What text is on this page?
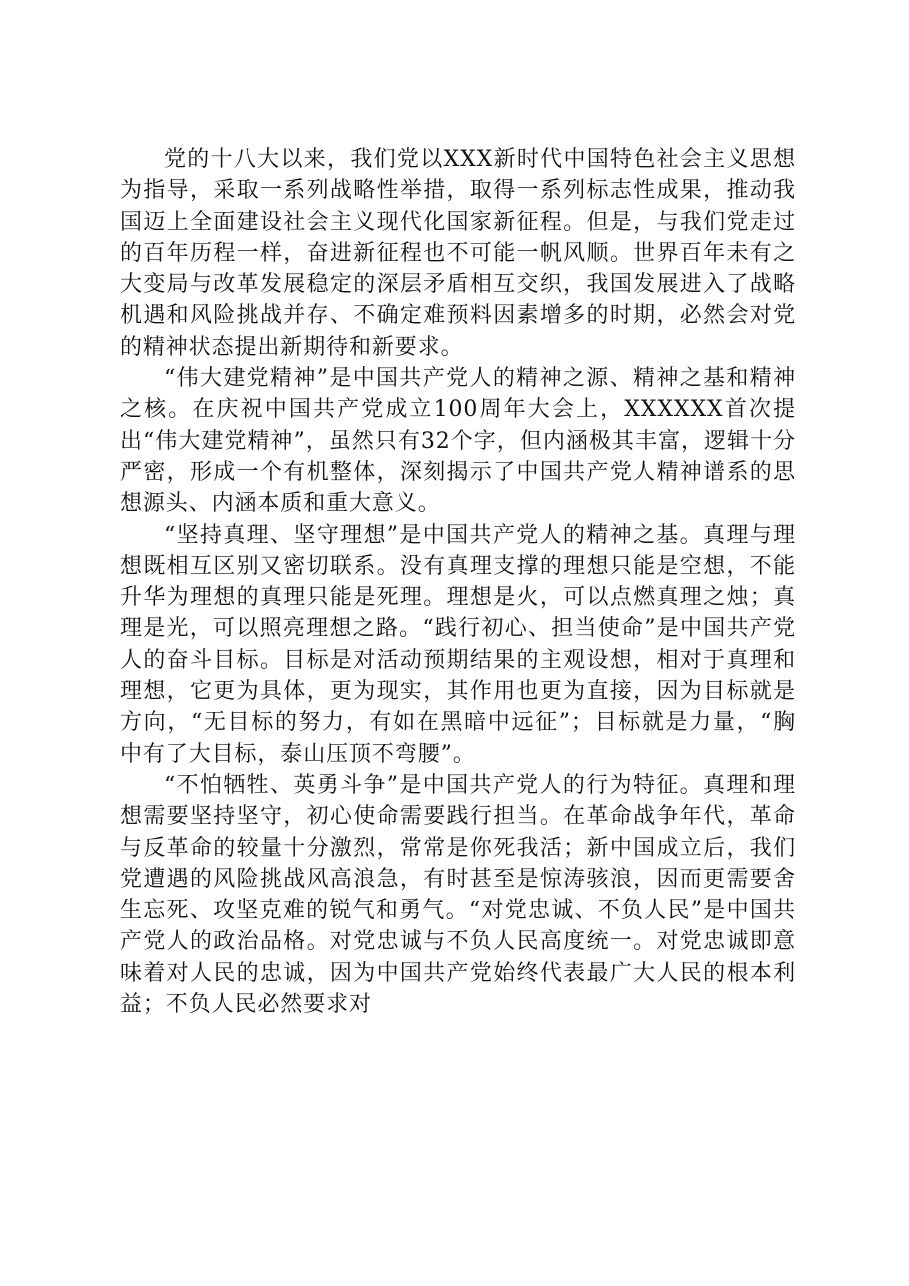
党的十八大以来，我们党以XXX新时代中国特色社会主义思想为指导，采取一系列战略性举措，取得一系列标志性成果，推动我国迈上全面建设社会主义现代化国家新征程。但是，与我们党走过的百年历程一样，奋进新征程也不可能一帆风顺。世界百年未有之大变局与改革发展稳定的深层矛盾相互交织，我国发展进入了战略机遇和风险挑战并存、不确定难预料因素增多的时期，必然会对党的精神状态提出新期待和新要求。

“伟大建党精神”是中国共产党人的精神之源、精神之基和精神之核。在庆祝中国共产党成立100周年大会上，XXXXXX首次提出“伟大建党精神”，虽然只有32个字，但内涵极其丰富，逻辑十分严密，形成一个有机整体，深刻揭示了中国共产党人精神谱系的思想源头、内涵本质和重大意义。

“坚持真理、坚守理想”是中国共产党人的精神之基。真理与理想既相互区别又密切联系。没有真理支撑的理想只能是空想，不能升华为理想的真理只能是死理。理想是火，可以点燃真理之烛；真理是光，可以照亮理想之路。“践行初心、担当使命”是中国共产党人的奋斗目标。目标是对活动预期结果的主观设想，相对于真理和理想，它更为具体，更为现实，其作用也更为直接，因为目标就是方向，“无目标的努力，有如在黑暗中远征”；目标就是力量，“胸中有了大目标，泰山压顶不弯腰”。

“不怕牺牲、英勇斗争”是中国共产党人的行为特征。真理和理想需要坚持坚守，初心使命需要践行担当。在革命战争年代，革命与反革命的较量十分激烈，常常是你死我活；新中国成立后，我们党遭遇的风险挑战风高浪急，有时甚至是惊涛骇浪，因而更需要舍生忘死、攻坚克难的锐气和勇气。“对党忠诚、不负人民”是中国共产党人的政治品格。对党忠诚与不负人民高度统一。对党忠诚即意味着对人民的忠诚，因为中国共产党始终代表最广大人民的根本利益；不负人民必然要求对
